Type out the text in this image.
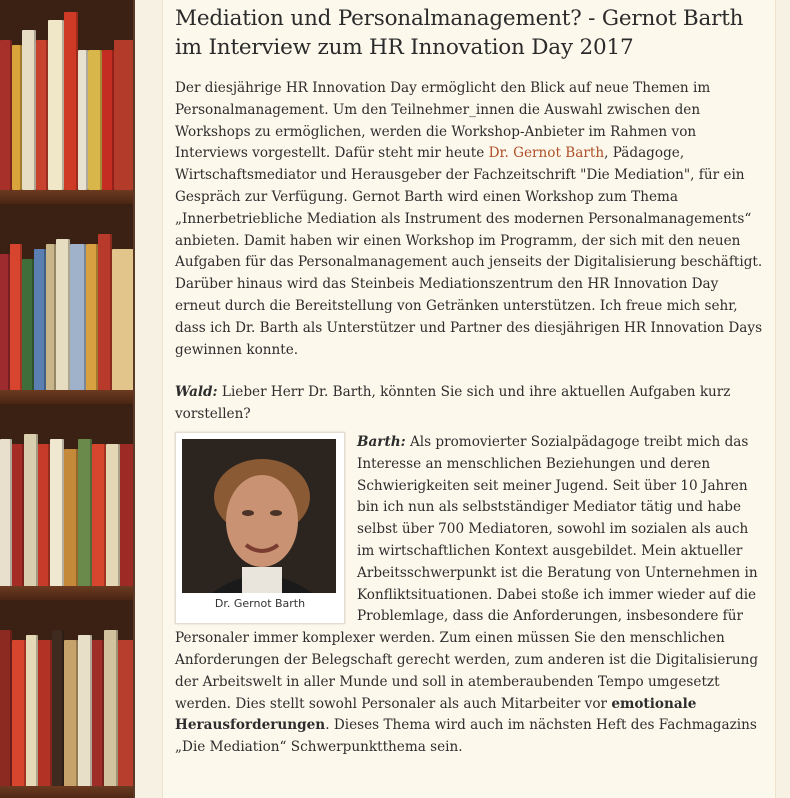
Mediation und Personalmanagement? - Gernot Barth im Interview zum HR Innovation Day 2017

Der diesjährige HR Innovation Day ermöglicht den Blick auf neue Themen im Personalmanagement. Um den Teilnehmer_innen die Auswahl zwischen den Workshops zu ermöglichen, werden die Workshop-Anbieter im Rahmen von Interviews vorgestellt. Dafür steht mir heute Dr. Gernot Barth, Pädagoge, Wirtschaftsmediator und Herausgeber der Fachzeitschrift "Die Mediation", für ein Gespräch zur Verfügung. Gernot Barth wird einen Workshop zum Thema „Innerbetriebliche Mediation als Instrument des modernen Personalmanagements“ anbieten. Damit haben wir einen Workshop im Programm, der sich mit den neuen Aufgaben für das Personalmanagement auch jenseits der Digitalisierung beschäftigt. Darüber hinaus wird das Steinbeis Mediationszentrum den HR Innovation Day erneut durch die Bereitstellung von Getränken unterstützen. Ich freue mich sehr, dass ich Dr. Barth als Unterstützer und Partner des diesjährigen HR Innovation Days gewinnen konnte.

Wald: Lieber Herr Dr. Barth, könnten Sie sich und ihre aktuellen Aufgaben kurz vorstellen?

Dr. Gernot Barth

Barth: Als promovierter Sozialpädagoge treibt mich das Interesse an menschlichen Beziehungen und deren Schwierigkeiten seit meiner Jugend. Seit über 10 Jahren bin ich nun als selbstständiger Mediator tätig und habe selbst über 700 Mediatoren, sowohl im sozialen als auch im wirtschaftlichen Kontext ausgebildet. Mein aktueller Arbeitsschwerpunkt ist die Beratung von Unternehmen in Konfliktsituationen. Dabei stoße ich immer wieder auf die Problemlage, dass die Anforderungen, insbesondere für Personaler immer komplexer werden. Zum einen müssen Sie den menschlichen Anforderungen der Belegschaft gerecht werden, zum anderen ist die Digitalisierung der Arbeitswelt in aller Munde und soll in atemberaubenden Tempo umgesetzt werden. Dies stellt sowohl Personaler als auch Mitarbeiter vor emotionale Herausforderungen. Dieses Thema wird auch im nächsten Heft des Fachmagazins „Die Mediation“ Schwerpunktthema sein.
